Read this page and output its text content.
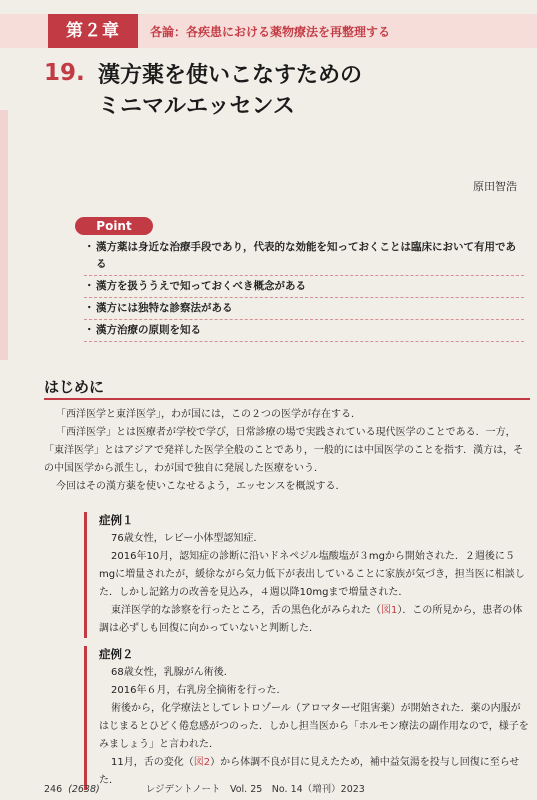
第２章	各論：各疾患における薬物療法を再整理する
19. 漢方薬を使いこなすための
ミニマルエッセンス
原田智浩
Point
・ 漢方薬は身近な治療手段であり，代表的な効能を知っておくことは臨床において有用である
・ 漢方を扱ううえで知っておくべき概念がある
・ 漢方には独特な診察法がある
・ 漢方治療の原則を知る
はじめに

「西洋医学と東洋医学」，わが国には，この２つの医学が存在する．

「西洋医学」とは医療者が学校で学び，日常診療の場で実践されている現代医学のことである．一方，「東洋医学」とはアジアで発祥した医学全般のことであり，一般的には中国医学のことを指す．漢方は，その中国医学から派生し，わが国で独自に発展した医療をいう．

今回はその漢方薬を使いこなせるよう，エッセンスを概説する．

症例１

76歳女性，レビー小体型認知症．

2016年10月，認知症の診断に沿いドネペジル塩酸塩が３mgから開始された．２週後に５mgに増量されたが，緩徐ながら気力低下が表出していることに家族が気づき，担当医に相談した．しかし記銘力の改善を見込み，４週以降10mgまで増量された．

東洋医学的な診察を行ったところ，舌の黒色化がみられた（図1）．この所見から，患者の体調は必ずしも回復に向かっていないと判断した．

症例２

68歳女性，乳腺がん術後．

2016年６月，右乳房全摘術を行った．

術後から，化学療法としてレトロゾール（アロマターゼ阻害薬）が開始された．薬の内服がはじまるとひどく倦怠感がつのった．しかし担当医から「ホルモン療法の副作用なので，様子をみましょう」と言われた．

11月，舌の変化（図2）から体調不良が目に見えたため，補中益気湯を投与し回復に至らせた．

246 (2638)	レジデントノート　Vol. 25　No. 14（増刊）2023
